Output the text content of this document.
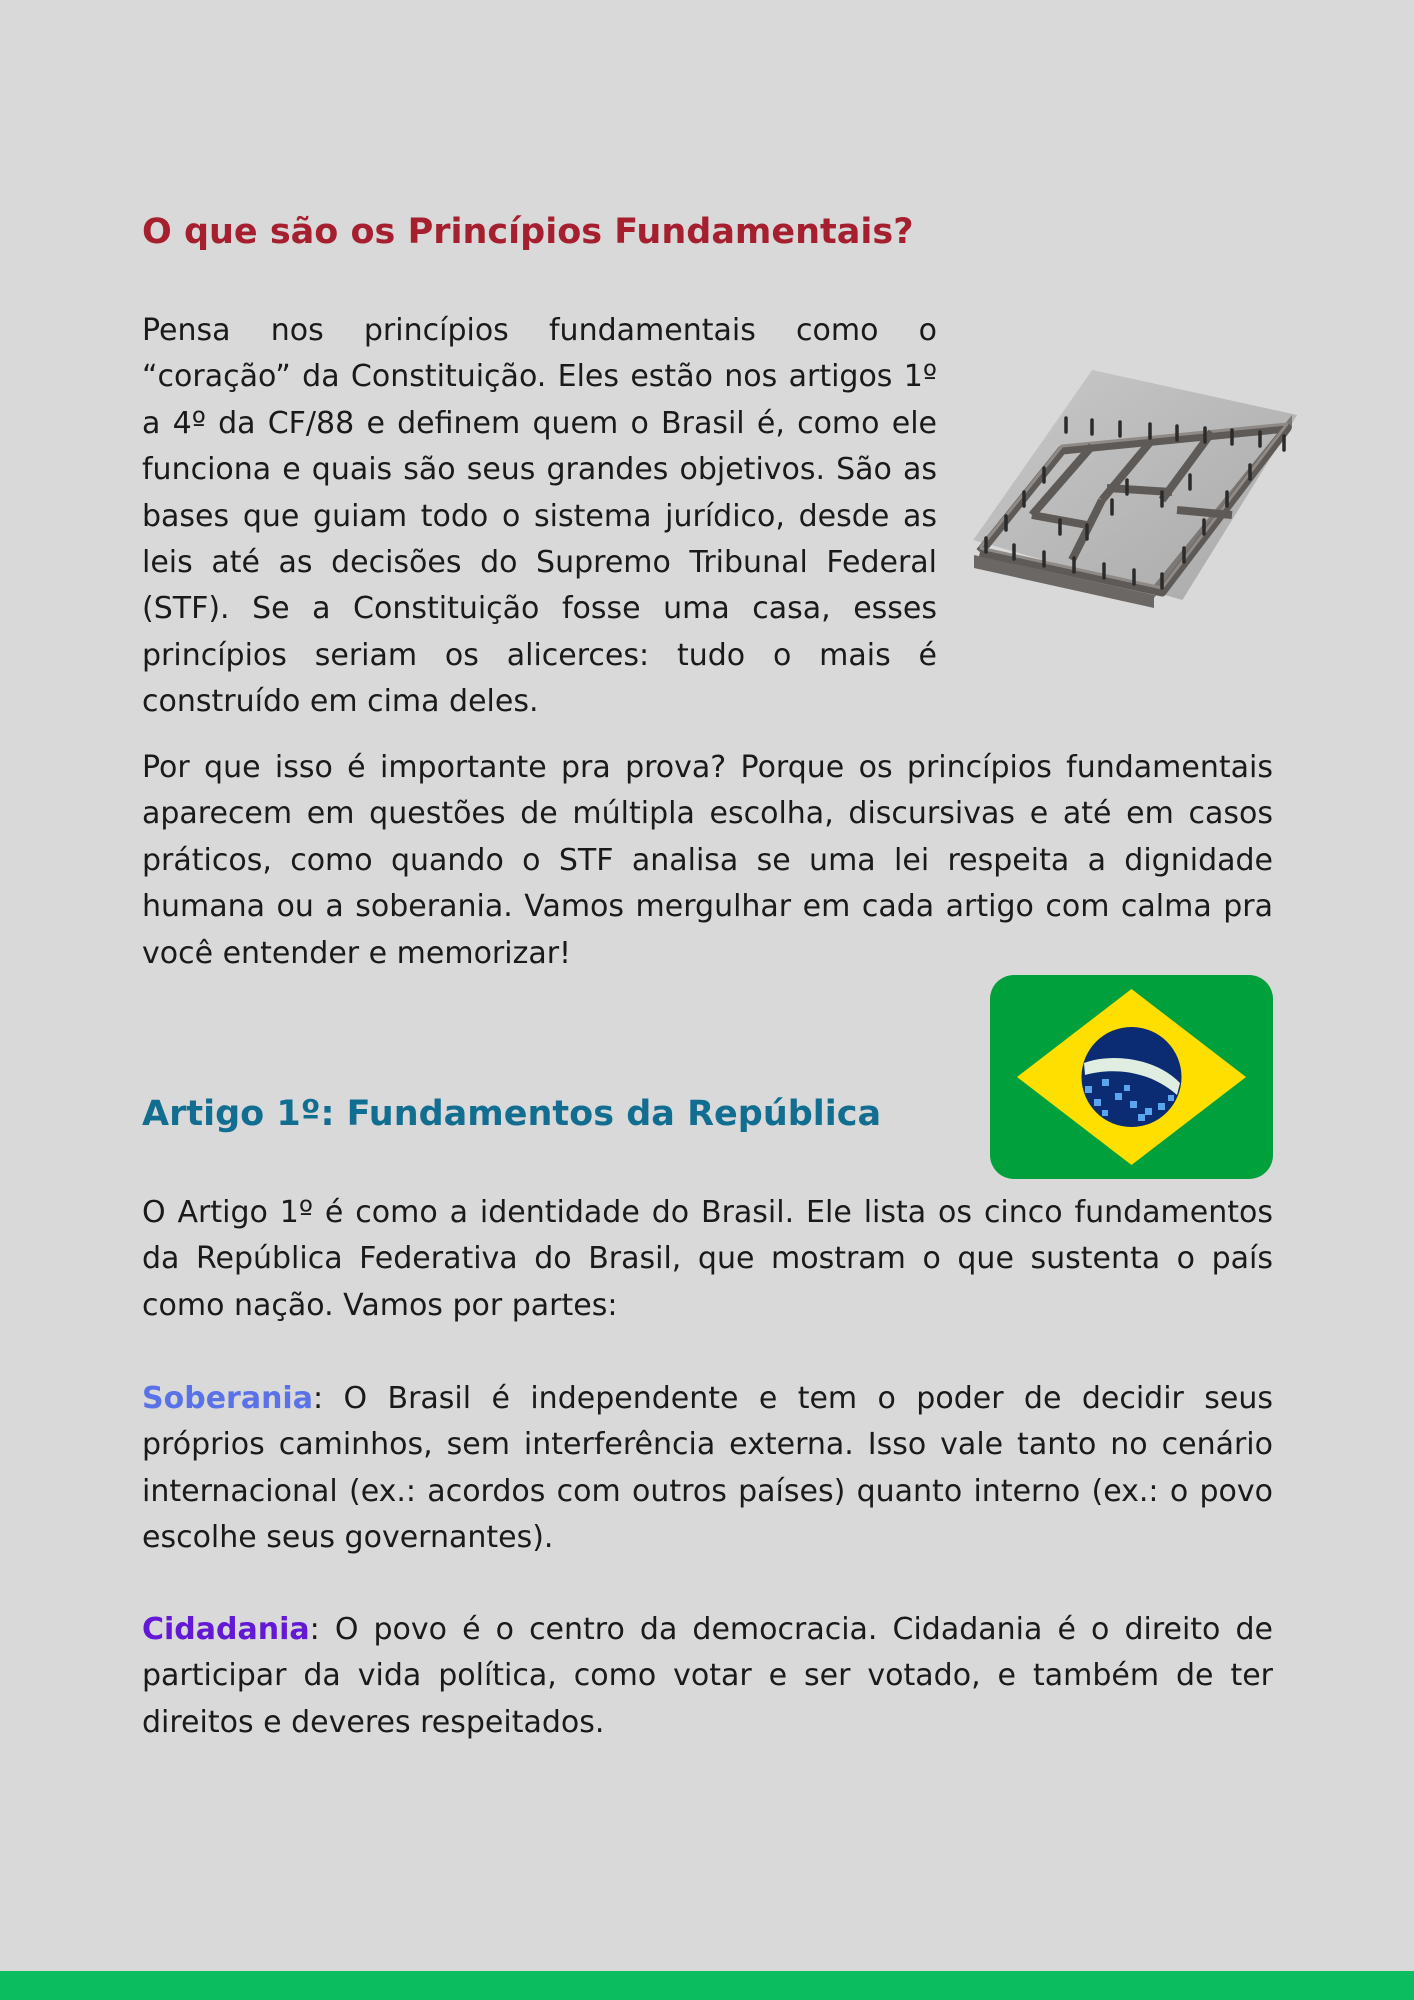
O que são os Princípios Fundamentais?

Pensa nos princípios fundamentais como o “coração” da Constituição. Eles estão nos artigos 1º a 4º da CF/88 e definem quem o Brasil é, como ele funciona e quais são seus grandes objetivos. São as bases que guiam todo o sistema jurídico, desde as leis até as decisões do Supremo Tribunal Federal (STF). Se a Constituição fosse uma casa, esses princípios seriam os alicerces: tudo o mais é construído em cima deles.

Por que isso é importante pra prova? Porque os princípios fundamentais aparecem em questões de múltipla escolha, discursivas e até em casos práticos, como quando o STF analisa se uma lei respeita a dignidade humana ou a soberania. Vamos mergulhar em cada artigo com calma pra você entender e memorizar!

Artigo 1º: Fundamentos da República

O Artigo 1º é como a identidade do Brasil. Ele lista os cinco fundamentos da República Federativa do Brasil, que mostram o que sustenta o país como nação. Vamos por partes:

Soberania: O Brasil é independente e tem o poder de decidir seus próprios caminhos, sem interferência externa. Isso vale tanto no cenário internacional (ex.: acordos com outros países) quanto interno (ex.: o povo escolhe seus governantes).

Cidadania: O povo é o centro da democracia. Cidadania é o direito de participar da vida política, como votar e ser votado, e também de ter direitos e deveres respeitados.
